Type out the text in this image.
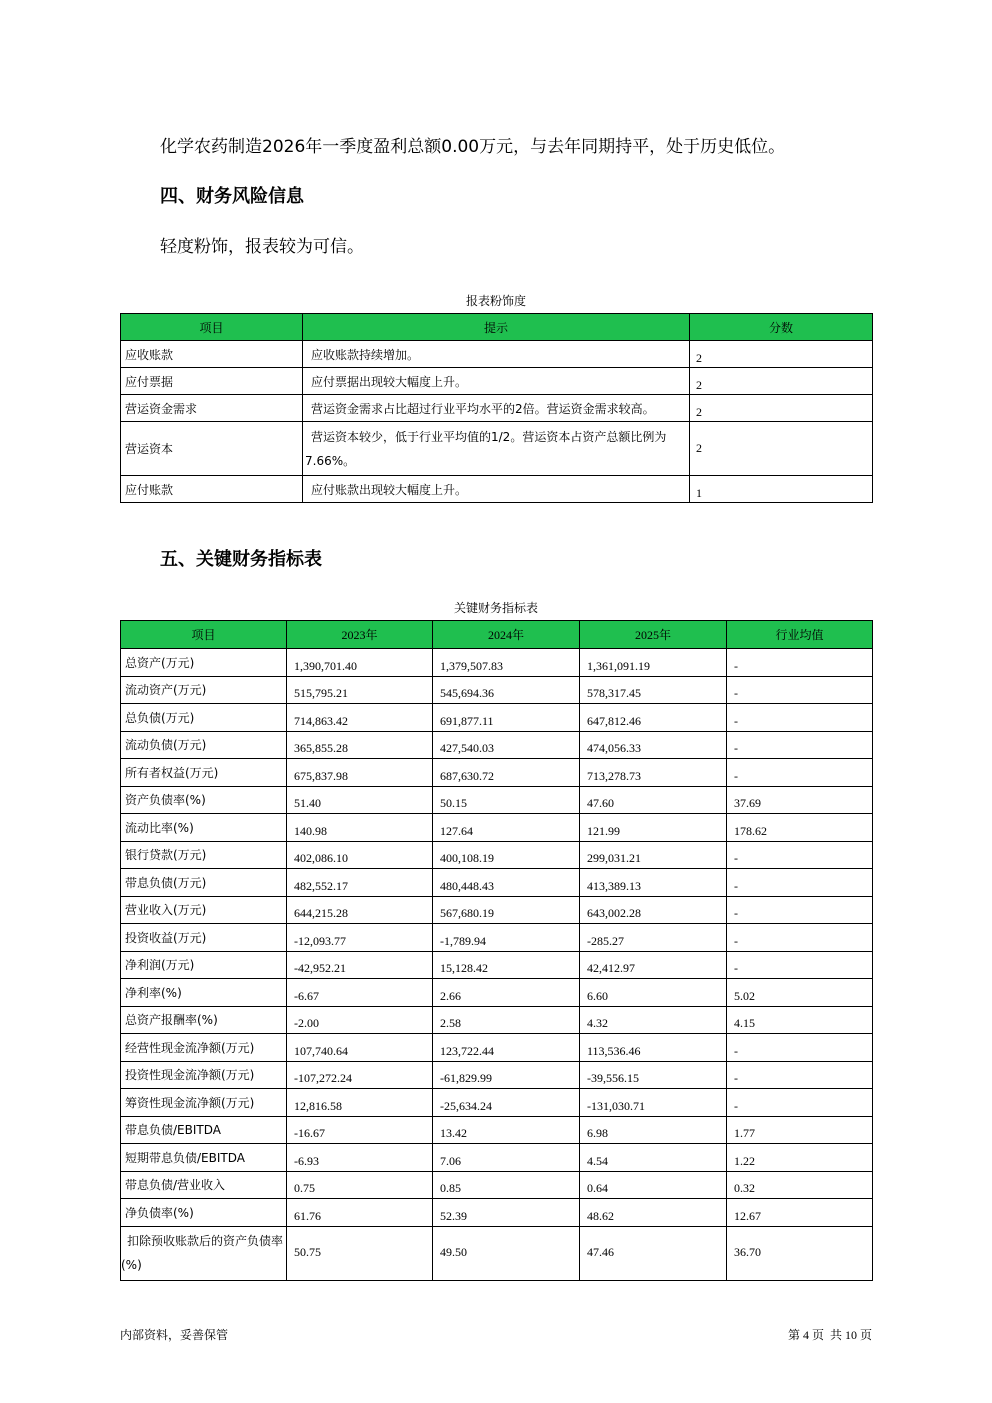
化学农药制造2026年一季度盈利总额0.00万元，与去年同期持平，处于历史低位。

四、财务风险信息

轻度粉饰，报表较为可信。

报表粉饰度
项目	提示	分数
应收账款	应收账款持续增加。	2
应付票据	应付票据出现较大幅度上升。	2
营运资金需求	营运资金需求占比超过行业平均水平的2倍。营运资金需求较高。	2
营运资本	营运资本较少，低于行业平均值的1/2。营运资本占资产总额比例为7.66%。	2
应付账款	应付账款出现较大幅度上升。	1
五、关键财务指标表
关键财务指标表
项目	2023年	2024年	2025年	行业均值
总资产(万元)	1,390,701.40	1,379,507.83	1,361,091.19	-
流动资产(万元)	515,795.21	545,694.36	578,317.45	-
总负债(万元)	714,863.42	691,877.11	647,812.46	-
流动负债(万元)	365,855.28	427,540.03	474,056.33	-
所有者权益(万元)	675,837.98	687,630.72	713,278.73	-
资产负债率(%)	51.40	50.15	47.60	37.69
流动比率(%)	140.98	127.64	121.99	178.62
银行贷款(万元)	402,086.10	400,108.19	299,031.21	-
带息负债(万元)	482,552.17	480,448.43	413,389.13	-
营业收入(万元)	644,215.28	567,680.19	643,002.28	-
投资收益(万元)	-12,093.77	-1,789.94	-285.27	-
净利润(万元)	-42,952.21	15,128.42	42,412.97	-
净利率(%)	-6.67	2.66	6.60	5.02
总资产报酬率(%)	-2.00	2.58	4.32	4.15
经营性现金流净额(万元)	107,740.64	123,722.44	113,536.46	-
投资性现金流净额(万元)	-107,272.24	-61,829.99	-39,556.15	-
筹资性现金流净额(万元)	12,816.58	-25,634.24	-131,030.71	-
带息负债/EBITDA	-16.67	13.42	6.98	1.77
短期带息负债/EBITDA	-6.93	7.06	4.54	1.22
带息负债/营业收入	0.75	0.85	0.64	0.32
净负债率(%)	61.76	52.39	48.62	12.67
扣除预收账款后的资产负债率(%)	50.75	49.50	47.46	36.70
内部资料，妥善保管	第 4 页  共 10 页
